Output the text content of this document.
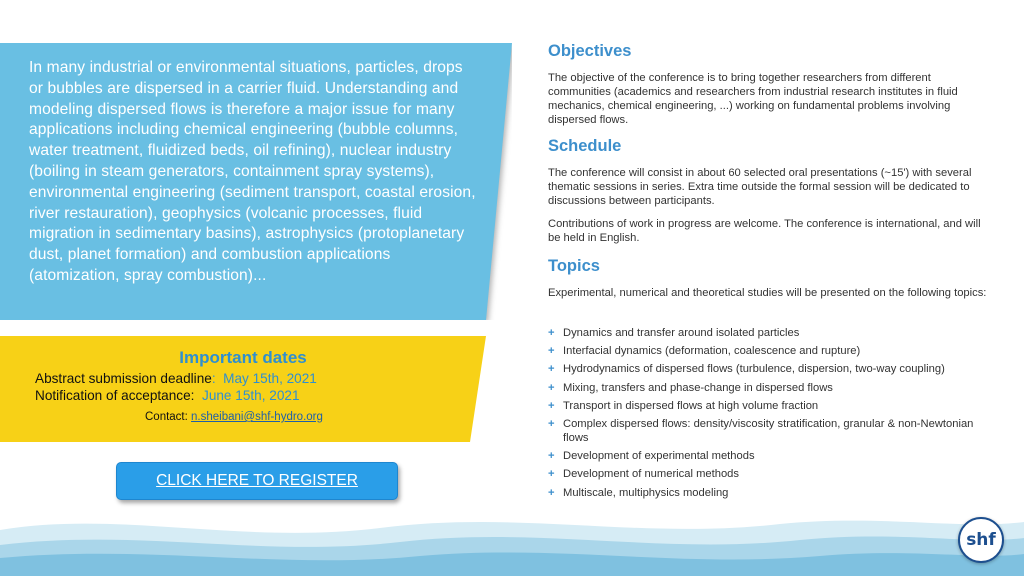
In many industrial or environmental situations, particles, drops or bubbles are dispersed in a carrier fluid. Understanding and modeling dispersed flows is therefore a major issue for many applications including chemical engineering (bubble columns, water treatment, fluidized beds, oil refining), nuclear industry (boiling in steam generators, containment spray systems), environmental engineering (sediment transport, coastal erosion, river restauration), geophysics (volcanic processes, fluid migration in sedimentary basins), astrophysics (protoplanetary dust, planet formation) and combustion applications (atomization, spray combustion)...

Important dates

Abstract submission deadline:  May 15th, 2021

Notification of acceptance: June 15th, 2021

Contact: n.sheibani@shf-hydro.org

CLICK HERE TO REGISTER
Objectives

The objective of the conference is to bring together researchers from different communities (academics and researchers from industrial research institutes in fluid mechanics, chemical engineering, ...) working on fundamental problems involving dispersed flows.

Schedule

The conference will consist in about 60 selected oral presentations (~15') with several thematic sessions in series. Extra time outside the formal session will be dedicated to discussions between participants.

Contributions of work in progress are welcome. The conference is international, and will be held in English.

Topics

Experimental, numerical and theoretical studies will be presented on the following topics:

+ Dynamics and transfer around isolated particles
+ Interfacial dynamics (deformation, coalescence and rupture)
+ Hydrodynamics of dispersed flows (turbulence, dispersion, two-way coupling)
+ Mixing, transfers and phase-change in dispersed flows
+ Transport in dispersed flows at high volume fraction
+ Complex dispersed flows: density/viscosity stratification, granular & non-Newtonian flows
+ Development of experimental methods
+ Development of numerical methods
+ Multiscale, multiphysics modeling
shf
